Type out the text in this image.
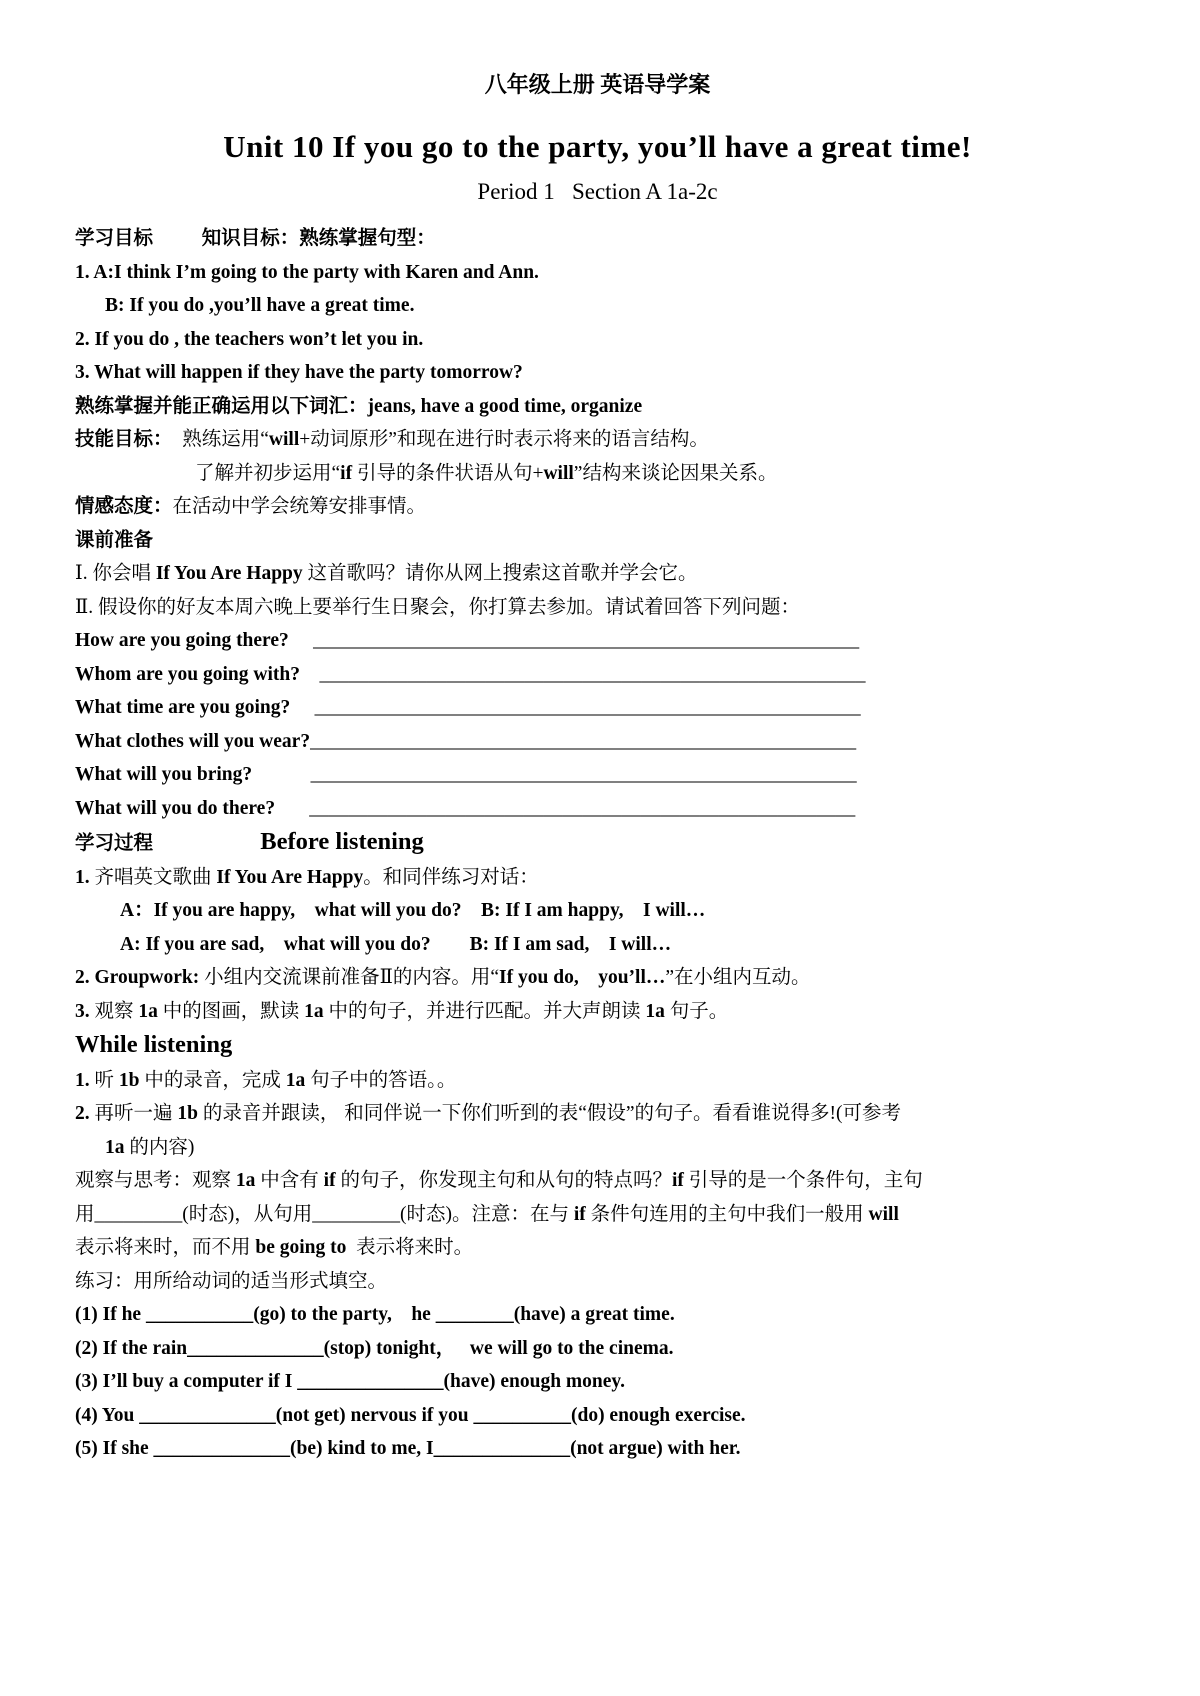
八年级上册 英语导学案
Unit 10 If you go to the party, you’ll have a great time!
Period 1   Section A 1a-2c
学习目标	知识目标：熟练掌握句型：
1. A:I think I’m going to the party with Karen and Ann.
B: If you do ,you’ll have a great time.
2. If you do , the teachers won’t let you in.
3. What will happen if they have the party tomorrow?
熟练掌握并能正确运用以下词汇：jeans, have a good time, organize
技能目标：  熟练运用“will+动词原形”和现在进行时表示将来的语言结构。
了解并初步运用“if 引导的条件状语从句+will”结构来谈论因果关系。
情感态度：在活动中学会统筹安排事情。
课前准备
Ⅰ. 你会唱 If You Are Happy 这首歌吗？请你从网上搜索这首歌并学会它。
Ⅱ. 假设你的好友本周六晚上要举行生日聚会，你打算去参加。请试着回答下列问题：
How are you going there? ________________________________________________________
Whom are you going with? ________________________________________________________
What time are you going? ________________________________________________________
What clothes will you wear?________________________________________________________
What will you bring?	________________________________________________________
What will you do there? ________________________________________________________
学习过程	Before listening
1. 齐唱英文歌曲 If You Are Happy。和同伴练习对话：
A：If you are happy,    what will you do?    B: If I am happy,    I will…
A: If you are sad,    what will you do?        B: If I am sad,    I will…
2. Groupwork: 小组内交流课前准备Ⅱ的内容。用“If you do,    you’ll…”在小组内互动。
3. 观察 1a 中的图画，默读 1a 中的句子，并进行匹配。并大声朗读 1a 句子。
While listening
1. 听 1b 中的录音，完成 1a 句子中的答语。。
2. 再听一遍 1b 的录音并跟读， 和同伴说一下你们听到的表“假设”的句子。看看谁说得多!(可参考
1a 的内容)
观察与思考：观察 1a 中含有 if 的句子，你发现主句和从句的特点吗？if 引导的是一个条件句，主句
用_________(时态)，从句用_________(时态)。注意：在与 if 条件句连用的主句中我们一般用 will
表示将来时，而不用 be going to  表示将来时。
练习：用所给动词的适当形式填空。
(1) If he ___________(go) to the party,    he ________(have) a great time.
(2) If the rain______________(stop) tonight，   we will go to the cinema.
(3) I’ll buy a computer if I _______________(have) enough money.
(4) You ______________(not get) nervous if you __________(do) enough exercise.
(5) If she ______________(be) kind to me, I______________(not argue) with her.
